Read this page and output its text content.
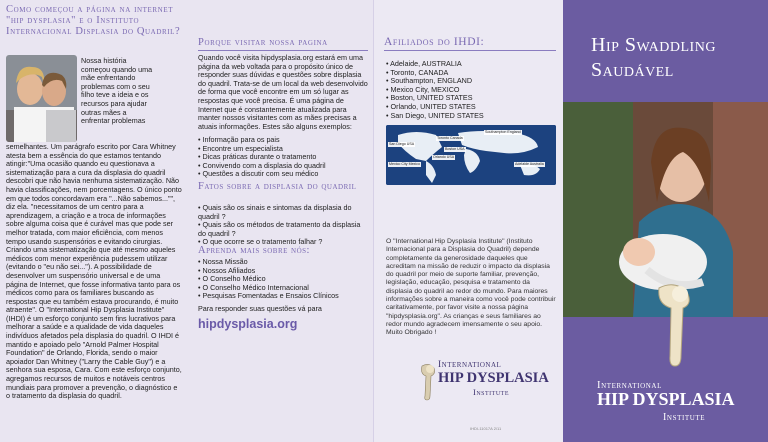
Como começou a página na internet "hip dysplasia" e o Instituto Internacional Displasia do Quadril?
Nossa história começou quando uma mãe enfrentando problemas com o seu filho teve a ideia e os recursos para ajudar outras mães a enfrentar problemas
semelhantes. Um parágrafo escrito por Cara Whitney atesta bem a essência do que estamos tentando atingir:"Uma ocasião quando eu questionava a sistematização para a cura da displasia do quadril descobri que não havia nenhuma sistematização. Não havia classificações, nem porcentagens. O único ponto em que todos concordavam era "...Não sabemos..."", diz ela. "necessitamos de um centro para a aprendizagem, a criação e a troca de informações sobre alguma coisa que é curável mas que pode ser melhor tratada, com maior eficiência, com menos tempo usando suspensórios e evitando cirurgias. Criando uma sistematização que até mesmo aqueles médicos com menor experiência pudessem utilizar (evitando o "eu não sei..."). A possibilidade de desenvolver um suspensório universal e de uma página de Internet, que fosse informativa tanto para os médicos como para os familiares buscando as respostas que eu também estava procurando, é muito atraente". O "International Hip Dysplasia Institute" (IHDI) é um esforço conjunto sem fins lucrativos para melhorar a saúde e a qualidade de vida daqueles indivíduos afetados pela displasia do quadril. O IHDI é mantido e apoiado pelo "Arnold Palmer Hospital Foundation" de Orlando, Florida, sendo o maior apoiador Dan Whitney ("Larry the Cable Guy") e a senhora sua esposa, Cara. Com este esforço conjunto, agregamos recursos de muitos e notáveis centros mundiais para promover a prevenção, o diagnóstico e o tratamento da displasia do quadril.
Porque visitar nossa pagina
Quando você visita hipdysplasia.org estará em uma página da web voltada para o propósito único de responder suas dúvidas e questões sobre displasia do quadril. Trata-se de um local da web desenvolvido de forma que você encontre em um só lugar as respostas que você precisa. É uma página de Internet que é constantemente atualizada para manter nossos visitantes com as mães precisas a atuais informações. Estes são alguns exemplos:
• Informação para os pais
• Encontre um especialista
• Dicas práticas durante o tratamento
• Convivendo com a displasia do quadril
• Questões a discutir com seu médico
Fatos sobre a displasia do quadril
• Quais são os sinais e sintomas da displasia do quadril ?
• Quais são os métodos de tratamento da displasia do quadril ?
• O que ocorre se o tratamento falhar ?
Aprenda mais sobre nós:
• Nossa Missão
• Nossos Afiliados
• O Conselho Médico
• O Conselho Médico Internacional
• Pesquisas Fomentadas e Ensaios Clínicos
Para responder suas questões vá para
hipdysplasia.org
Afiliados do IHDI:
• Adelaide, AUSTRALIA
• Toronto, CANADA
• Southampton, ENGLAND
• Mexico City, MEXICO
• Boston, UNITED STATES
• Orlando, UNITED STATES
• San Diego, UNITED STATES
Southampton England
Toronto Canada
San Diego USA
Boston USA
Orlando USA
Mexico City Mexico	Adelaide Australia
O "International Hip Dysplasia Institute" (Instituto Internacional para a Displasia do Quadril) depende completamente da generosidade daqueles que acreditam na missão de reduzir o impacto da displasia do quadril por meio de suporte familiar, prevenção, legislação, educação, pesquisa e tratamento da displasia do quadril ao redor do mundo. Para maiores informações sobre a maneira como você pode contribuir caritativamente, por favor visite a nossa página "hipdysplasia.org". As crianças e seus familiares ao redor mundo agradecem imensamente o seu apoio. Muito Obrigado !
International
HIP DYSPLASIA
Institute
IHDI-11017A 2/11
Hip Swaddling
Saudável
International
HIP DYSPLASIA
Institute
